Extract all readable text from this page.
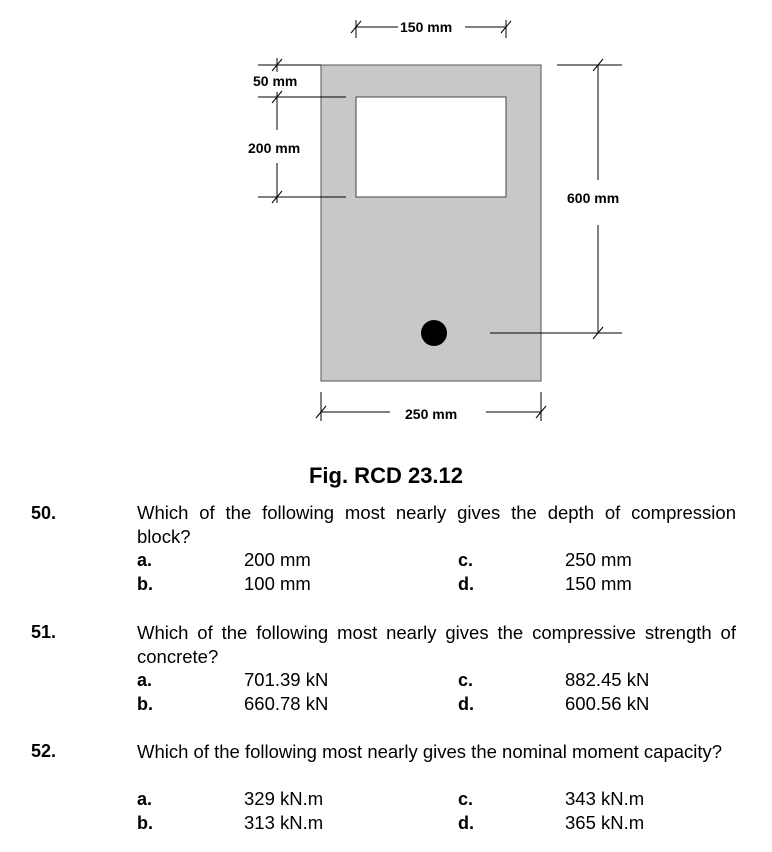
150 mm
50 mm
200 mm
600 mm
250 mm
Fig. RCD 23.12
50.	Which of the following most nearly gives the depth of compression block?
a.	200 mm	c.	250 mm
b.	100 mm	d.	150 mm
51.	Which of the following most nearly gives the compressive strength of concrete?
a.	701.39 kN	c.	882.45 kN
b.	660.78 kN	d.	600.56 kN
52.	Which of the following most nearly gives the nominal moment capacity?
a.	329 kN.m	c.	343 kN.m
b.	313 kN.m	d.	365 kN.m
